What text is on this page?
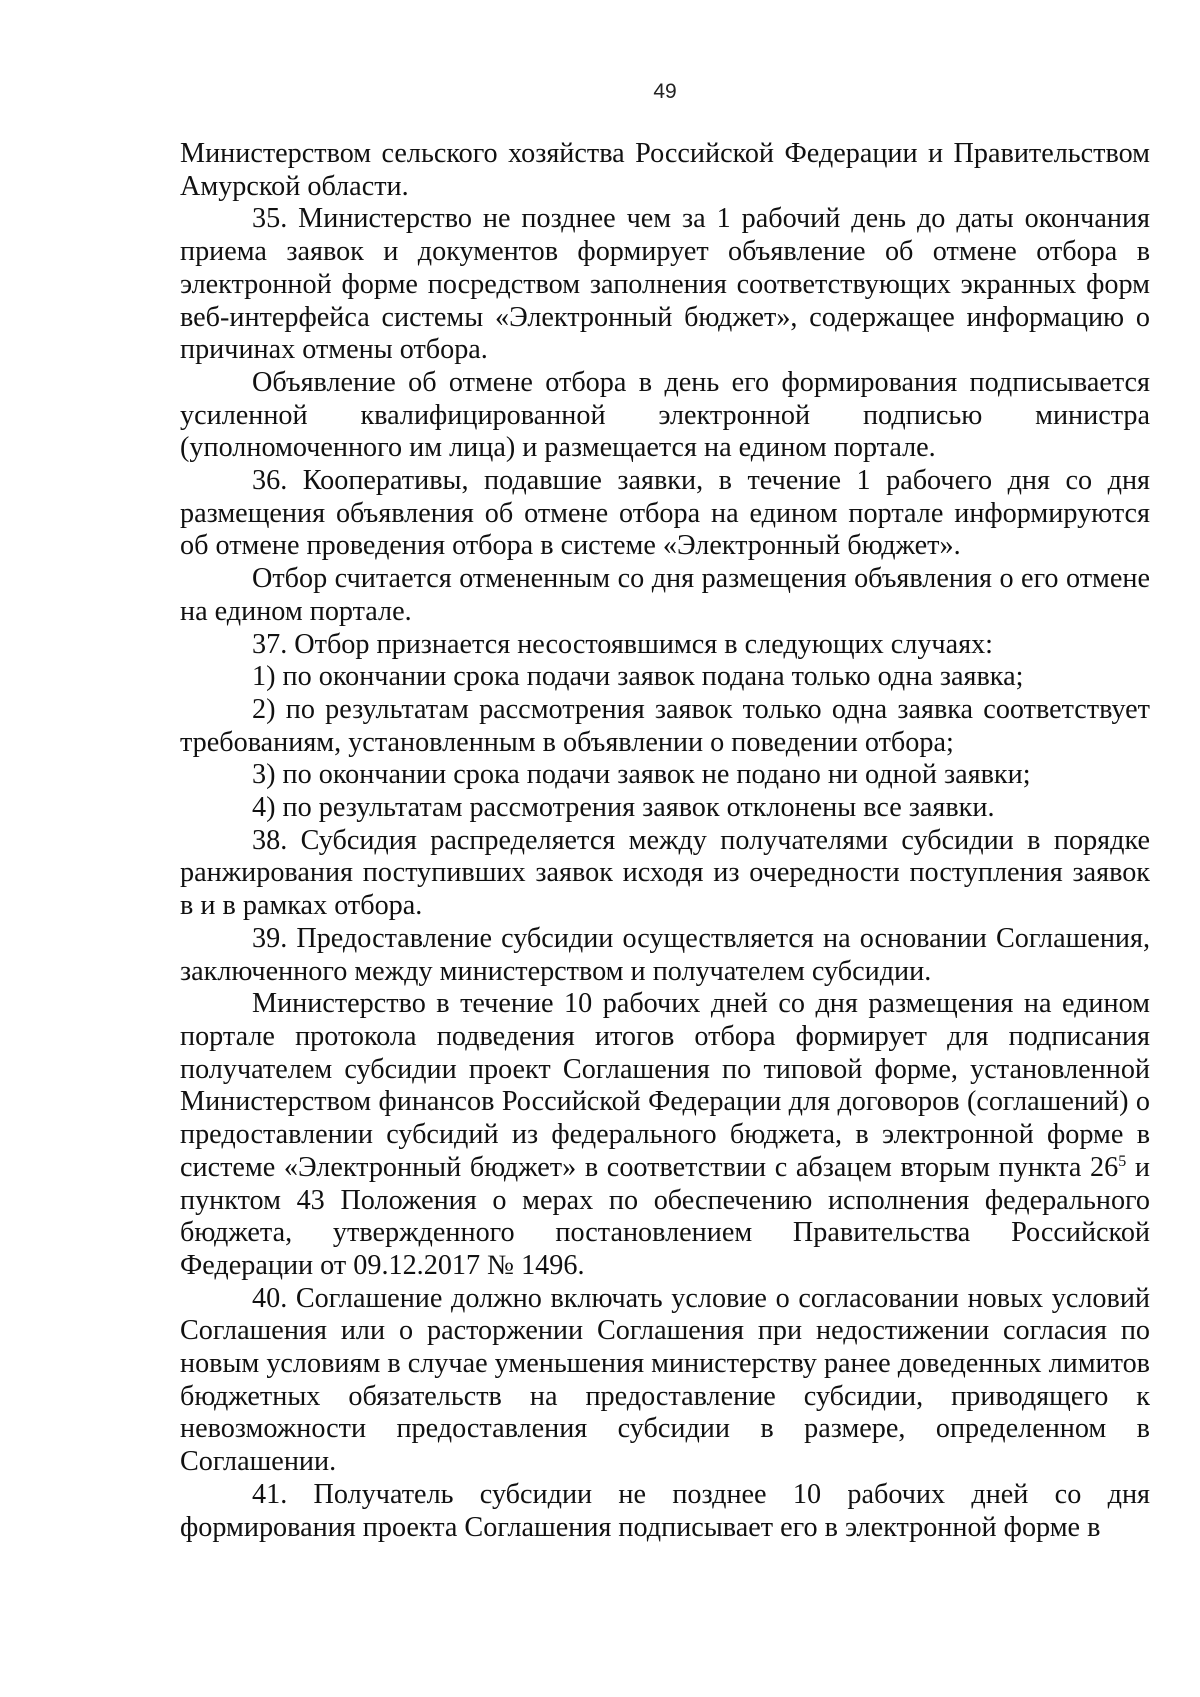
49

Министерством сельского хозяйства Российской Федерации и Правительством Амурской области.

35. Министерство не позднее чем за 1 рабочий день до даты окончания приема заявок и документов формирует объявление об отмене отбора в электронной форме посредством заполнения соответствующих экранных форм веб-интерфейса системы «Электронный бюджет», содержащее информацию о причинах отмены отбора.

Объявление об отмене отбора в день его формирования подписывается усиленной квалифицированной электронной подписью министра (уполномоченного им лица) и размещается на едином портале.

36. Кооперативы, подавшие заявки, в течение 1 рабочего дня со дня размещения объявления об отмене отбора на едином портале информируются об отмене проведения отбора в системе «Электронный бюджет».

Отбор считается отмененным со дня размещения объявления о его отмене на едином портале.

37. Отбор признается несостоявшимся в следующих случаях:

1) по окончании срока подачи заявок подана только одна заявка;

2) по результатам рассмотрения заявок только одна заявка соответствует требованиям, установленным в объявлении о поведении отбора;

3) по окончании срока подачи заявок не подано ни одной заявки;

4) по результатам рассмотрения заявок отклонены все заявки.

38. Субсидия распределяется между получателями субсидии в порядке ранжирования поступивших заявок исходя из очередности поступления заявок в и в рамках отбора.

39. Предоставление субсидии осуществляется на основании Соглашения, заключенного между министерством и получателем субсидии.

Министерство в течение 10 рабочих дней со дня размещения на едином портале протокола подведения итогов отбора формирует для подписания получателем субсидии проект Соглашения по типовой форме, установленной Министерством финансов Российской Федерации для договоров (соглашений) о предоставлении субсидий из федерального бюджета, в электронной форме в системе «Электронный бюджет» в соответствии с абзацем вторым пункта $26^5$ и пунктом 43 Положения о мерах по обеспечению исполнения федерального бюджета, утвержденного постановлением Правительства Российской Федерации от 09.12.2017 № 1496.

40. Соглашение должно включать условие о согласовании новых условий Соглашения или о расторжении Соглашения при недостижении согласия по новым условиям в случае уменьшения министерству ранее доведенных лимитов бюджетных обязательств на предоставление субсидии, приводящего к невозможности предоставления субсидии в размере, определенном в Соглашении.

41. Получатель субсидии не позднее 10 рабочих дней со дня формирования проекта Соглашения подписывает его в электронной форме в
